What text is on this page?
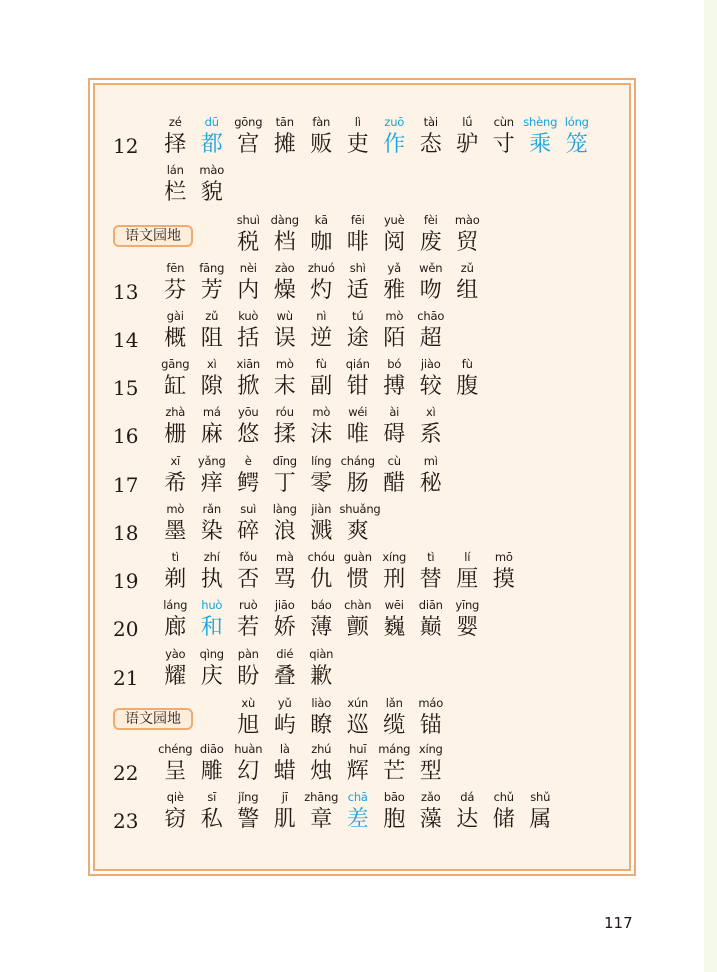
12
zé
择
dū
都
gōng
宫
tān
摊
fàn
贩
lì
吏
zuō
作
tài
态
lǘ
驴
cùn
寸
shèng
乘
lóng
笼
lán
栏
mào
貌
语文园地
shuì
税
dàng
档
kā
咖
fēi
啡
yuè
阅
fèi
废
mào
贸
13
fēn
芬
fāng
芳
nèi
内
zào
燥
zhuó
灼
shì
适
yǎ
雅
wěn
吻
zǔ
组
14
gài
概
zǔ
阻
kuò
括
wù
误
nì
逆
tú
途
mò
陌
chāo
超
15
gāng
缸
xì
隙
xiān
掀
mò
末
fù
副
qián
钳
bó
搏
jiào
较
fù
腹
16
zhà
栅
má
麻
yōu
悠
róu
揉
mò
沫
wéi
唯
ài
碍
xì
系
17
xī
希
yǎng
痒
è
鳄
dīng
丁
líng
零
cháng
肠
cù
醋
mì
秘
18
mò
墨
rǎn
染
suì
碎
làng
浪
jiàn
溅
shuǎng
爽
19
tì
剃
zhí
执
fǒu
否
mà
骂
chóu
仇
guàn
惯
xíng
刑
tì
替
lí
厘
mō
摸
20
láng
廊
huò
和
ruò
若
jiāo
娇
báo
薄
chàn
颤
wēi
巍
diān
巅
yīng
婴
21
yào
耀
qìng
庆
pàn
盼
dié
叠
qiàn
歉
语文园地
xù
旭
yǔ
屿
liào
瞭
xún
巡
lǎn
缆
máo
锚
22
chéng
呈
diāo
雕
huàn
幻
là
蜡
zhú
烛
huī
辉
máng
芒
xíng
型
23
qiè
窃
sī
私
jǐng
警
jī
肌
zhāng
章
chā
差
bāo
胞
zǎo
藻
dá
达
chǔ
储
shǔ
属
117
